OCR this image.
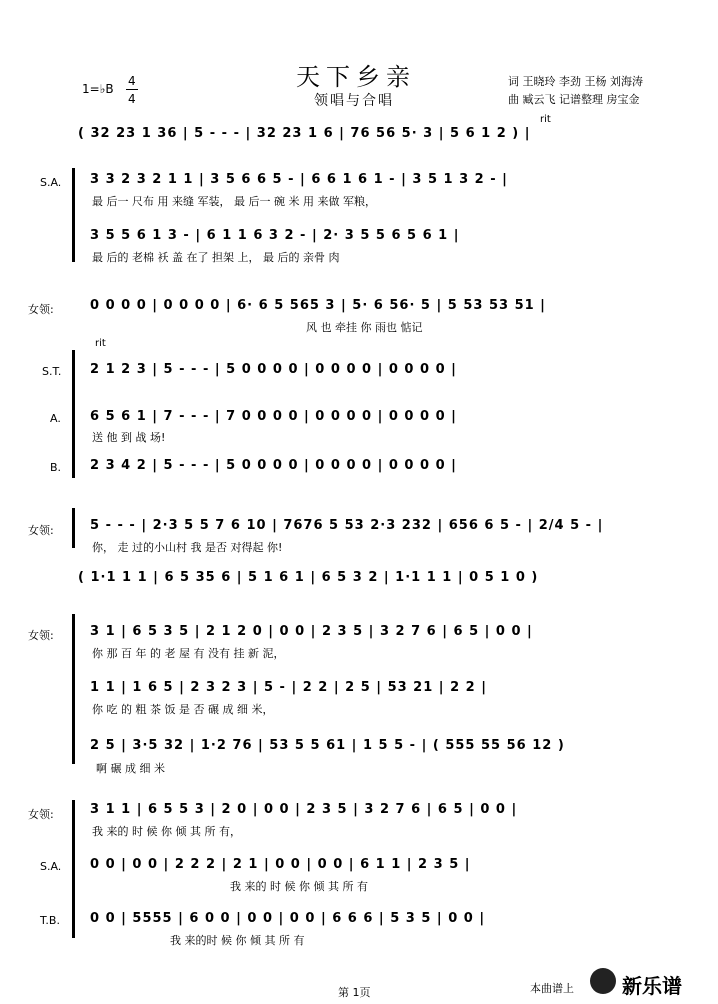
天下乡亲
领唱与合唱
1=♭B
4
4
词 王晓玲 李劲 王杨 刘海涛
曲 臧云飞 记谱整理 房宝金
rit
( 32 23 1 36 | 5 ‐ ‐ ‐ | 32 23 1 6 | 76 56 5· 3 | 5 6 1 2 ) |
S.A. 3 3 2 3 2 1 1 | 3 5 6 6 5 ‐ | 6 6 1 6 1 ‐ | 3 5 1 3 2 ‐ |
最 后一 尺布 用 来缝 军装， 最 后一 碗 米 用 来做 军粮，
3 5 5 6 1 3 ‐ | 6 1 1 6 3 2 ‐ | 2· 3 5 5 6 5 6 1 |
最 后的 老棉 袄 盖 在了 担架 上， 最 后的 亲骨 肉
女领:	0 0 0 0 | 0 0 0 0 | 6· 6 5 565 3 | 5· 6 56· 5 | 5 53 53 51 |
风 也 牵挂 你 雨也 惦记
rit
S.T. 2 1 2 3 | 5 ‐ ‐ ‐ | 5 0 0 0 0 | 0 0 0 0 | 0 0 0 0 |
A. 6 5 6 1 | 7 ‐ ‐ ‐ | 7 0 0 0 0 | 0 0 0 0 | 0 0 0 0 |
送 他 到 战 场!
B. 2 3 4 2 | 5 ‐ ‐ ‐ | 5 0 0 0 0 | 0 0 0 0 | 0 0 0 0 |
女领:	5 ‐ ‐ ‐ | 2·3 5 5 7 6 10 | 7676 5 53 2·3 232 | 656 6 5 ‐ | 2/4 5 ‐ |
你， 走 过的小山村 我 是否 对得起 你!
( 1·1 1 1 | 6 5 35 6 | 5 1 6 1 | 6 5 3 2 | 1·1 1 1 | 0 5 1 0 )
女领:	3 1 | 6 5 3 5 | 2 1 2 0 | 0 0 | 2 3 5 | 3 2 7 6 | 6 5 | 0 0 |
你 那 百 年 的 老 屋 有 没有 挂 新 泥，
1 1 | 1 6 5 | 2 3 2 3 | 5 ‐ | 2 2 | 2 5 | 53 21 | 2 2 |
你 吃 的 粗 茶 饭 是 否 碾 成 细 米，
2 5 | 3·5 32 | 1·2 76 | 53 5 5 61 | 1 5 5 ‐ | ( 555 55 56 12 )
啊 碾 成 细 米
女领:	3 1 1 | 6 5 5 3 | 2 0 | 0 0 | 2 3 5 | 3 2 7 6 | 6 5 | 0 0 |
我 来的 时 候 你 倾 其 所 有，
S.A. 0 0 | 0 0 | 2 2 2 | 2 1 | 0 0 | 0 0 | 6 1 1 | 2 3 5 |
我 来的 时 候 你 倾 其 所 有
T.B. 0 0 | 5555 | 6 0 0 | 0 0 | 0 0 | 6 6 6 | 5 3 5 | 0 0 |
我 来的时 候 你 倾 其 所 有
第 1页	本曲谱上 新乐谱
